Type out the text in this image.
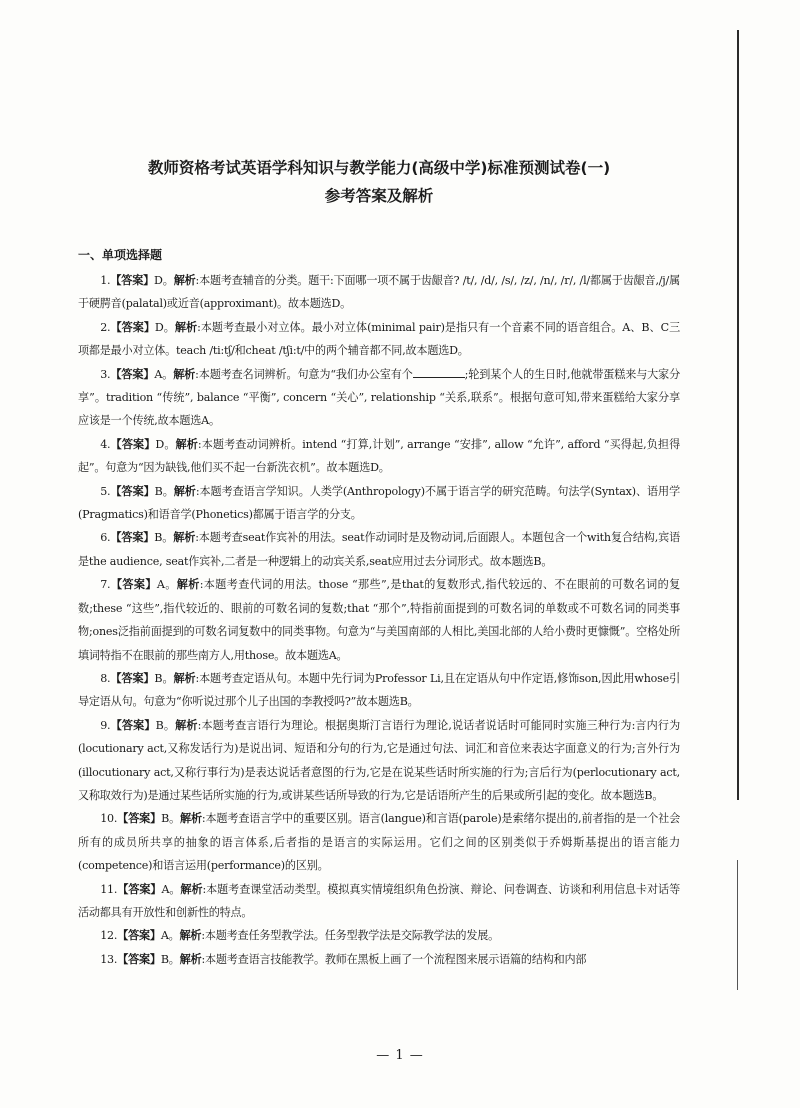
教师资格考试英语学科知识与教学能力(高级中学)标准预测试卷(一)
参考答案及解析
一、单项选择题

1.【答案】D。解析:本题考查辅音的分类。题干:下面哪一项不属于齿龈音? /t/, /d/, /s/, /z/, /n/, /r/, /l/都属于齿龈音,/j/属于硬腭音(palatal)或近音(approximant)。故本题选D。

2.【答案】D。解析:本题考查最小对立体。最小对立体(minimal pair)是指只有一个音素不同的语音组合。A、B、C三项都是最小对立体。teach /ti:tʃ/和cheat /tʃi:t/中的两个辅音都不同,故本题选D。

3.【答案】A。解析:本题考查名词辨析。句意为“我们办公室有个	;轮到某个人的生日时,他就带蛋糕来与大家分享”。tradition “传统”, balance “平衡”, concern “关心”, relationship “关系,联系”。根据句意可知,带来蛋糕给大家分享应该是一个传统,故本题选A。

4.【答案】D。解析:本题考查动词辨析。intend “打算,计划”, arrange “安排”, allow “允许”, afford “买得起,负担得起”。句意为“因为缺钱,他们买不起一台新洗衣机”。故本题选D。

5.【答案】B。解析:本题考查语言学知识。人类学(Anthropology)不属于语言学的研究范畴。句法学(Syntax)、语用学(Pragmatics)和语音学(Phonetics)都属于语言学的分支。

6.【答案】B。解析:本题考查seat作宾补的用法。seat作动词时是及物动词,后面跟人。本题包含一个with复合结构,宾语是the audience, seat作宾补,二者是一种逻辑上的动宾关系,seat应用过去分词形式。故本题选B。

7.【答案】A。解析:本题考查代词的用法。those “那些”,是that的复数形式,指代较远的、不在眼前的可数名词的复数;these “这些”,指代较近的、眼前的可数名词的复数;that “那个”,特指前面提到的可数名词的单数或不可数名词的同类事物;ones泛指前面提到的可数名词复数中的同类事物。句意为“与美国南部的人相比,美国北部的人给小费时更慷慨”。空格处所填词特指不在眼前的那些南方人,用those。故本题选A。

8.【答案】B。解析:本题考查定语从句。本题中先行词为Professor Li,且在定语从句中作定语,修饰son,因此用whose引导定语从句。句意为“你听说过那个儿子出国的李教授吗?”故本题选B。

9.【答案】B。解析:本题考查言语行为理论。根据奥斯汀言语行为理论,说话者说话时可能同时实施三种行为:言内行为(locutionary act,又称发话行为)是说出词、短语和分句的行为,它是通过句法、词汇和音位来表达字面意义的行为;言外行为(illocutionary act,又称行事行为)是表达说话者意图的行为,它是在说某些话时所实施的行为;言后行为(perlocutionary act,又称取效行为)是通过某些话所实施的行为,或讲某些话所导致的行为,它是话语所产生的后果或所引起的变化。故本题选B。

10.【答案】B。解析:本题考查语言学中的重要区别。语言(langue)和言语(parole)是索绪尔提出的,前者指的是一个社会所有的成员所共享的抽象的语言体系,后者指的是语言的实际运用。它们之间的区别类似于乔姆斯基提出的语言能力(competence)和语言运用(performance)的区别。

11.【答案】A。解析:本题考查课堂活动类型。模拟真实情境组织角色扮演、辩论、问卷调查、访谈和利用信息卡对话等活动都具有开放性和创新性的特点。

12.【答案】A。解析:本题考查任务型教学法。任务型教学法是交际教学法的发展。

13.【答案】B。解析:本题考查语言技能教学。教师在黑板上画了一个流程图来展示语篇的结构和内部

— 1 —
